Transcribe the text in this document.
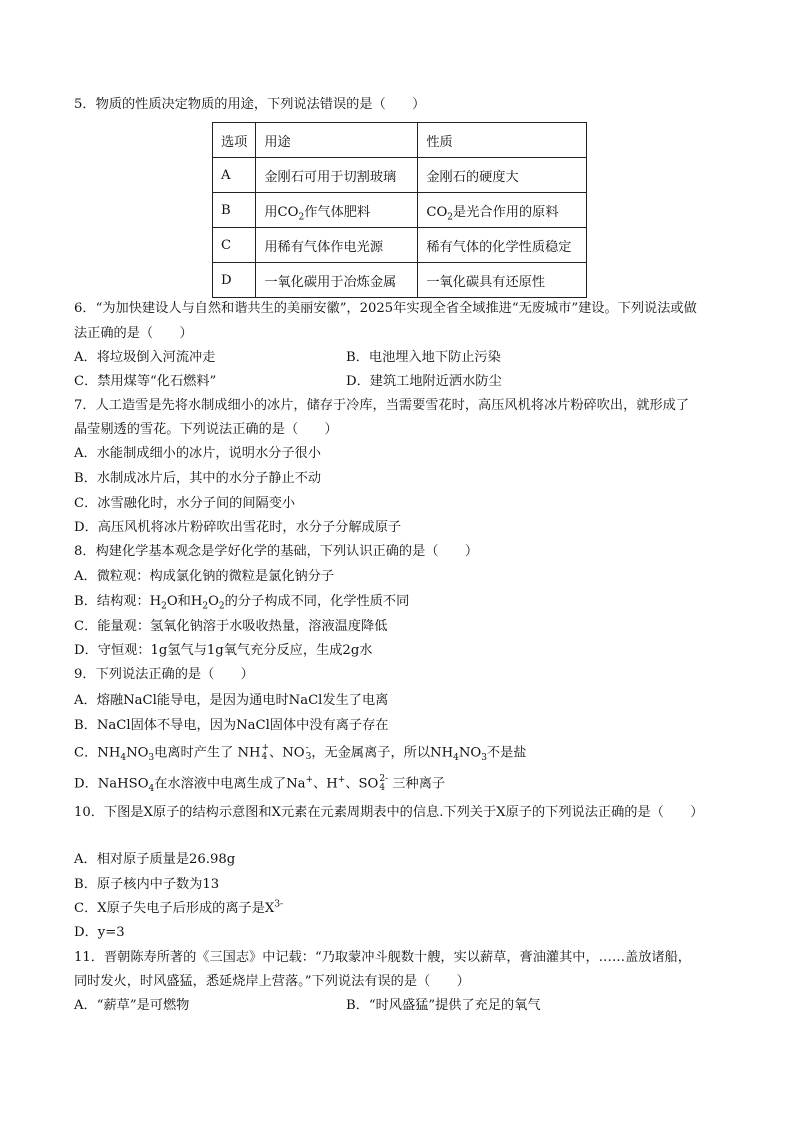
5．物质的性质决定物质的用途，下列说法错误的是（　　）
选项	用途	性质
A	金刚石可用于切割玻璃	金刚石的硬度大
B	用$CO_2$作气体肥料	$CO_2$是光合作用的原料
C	用稀有气体作电光源	稀有气体的化学性质稳定
D	一氧化碳用于冶炼金属	一氧化碳具有还原性
6．“为加快建设人与自然和谐共生的美丽安徽”，2025年实现全省全域推进“无废城市”建设。下列说法或做
法正确的是（　　）
A．将垃圾倒入河流冲走	B．电池埋入地下防止污染
C．禁用煤等“化石燃料”	D．建筑工地附近洒水防尘
7．人工造雪是先将水制成细小的冰片，储存于冷库，当需要雪花时，高压风机将冰片粉碎吹出，就形成了
晶莹剔透的雪花。下列说法正确的是（　　）
A．水能制成细小的冰片，说明水分子很小
B．水制成冰片后，其中的水分子静止不动
C．冰雪融化时，水分子间的间隔变小
D．高压风机将冰片粉碎吹出雪花时，水分子分解成原子
8．构建化学基本观念是学好化学的基础，下列认识正确的是（　　）
A．微粒观：构成氯化钠的微粒是氯化钠分子
B．结构观：$H_2O$和$H_2O_2$的分子构成不同，化学性质不同
C．能量观：氢氧化钠溶于水吸收热量，溶液温度降低
D．守恒观：1g氢气与1g氧气充分反应，生成2g水
9．下列说法正确的是（　　）
A．熔融NaCl能导电，是因为通电时NaCl发生了电离
B．NaCl固体不导电，因为NaCl固体中没有离子存在
C．$NH_4NO_3$电离时产生了 NH +
4 、NO -
3 ，无金属离子，所以$NH_4NO_3$不是盐
D．NaHSO$_4$在水溶液中电离生成了Na+、H+、SO 2-
4 三种离子
10．下图是X原子的结构示意图和X元素在元素周期表中的信息.下列关于X原子的下列说法正确的是（　　）
A．相对原子质量是26.98g
B．原子核内中子数为13
C．X原子失电子后形成的离子是$X^{3-}$
D．y=3
11．晋朝陈寿所著的《三国志》中记载：“乃取蒙冲斗舰数十艘，实以薪草，膏油灌其中，……盖放诸船，
同时发火，时风盛猛，悉延烧岸上营落。”下列说法有误的是（　　）
A．“薪草”是可燃物	B．“时风盛猛”提供了充足的氧气
